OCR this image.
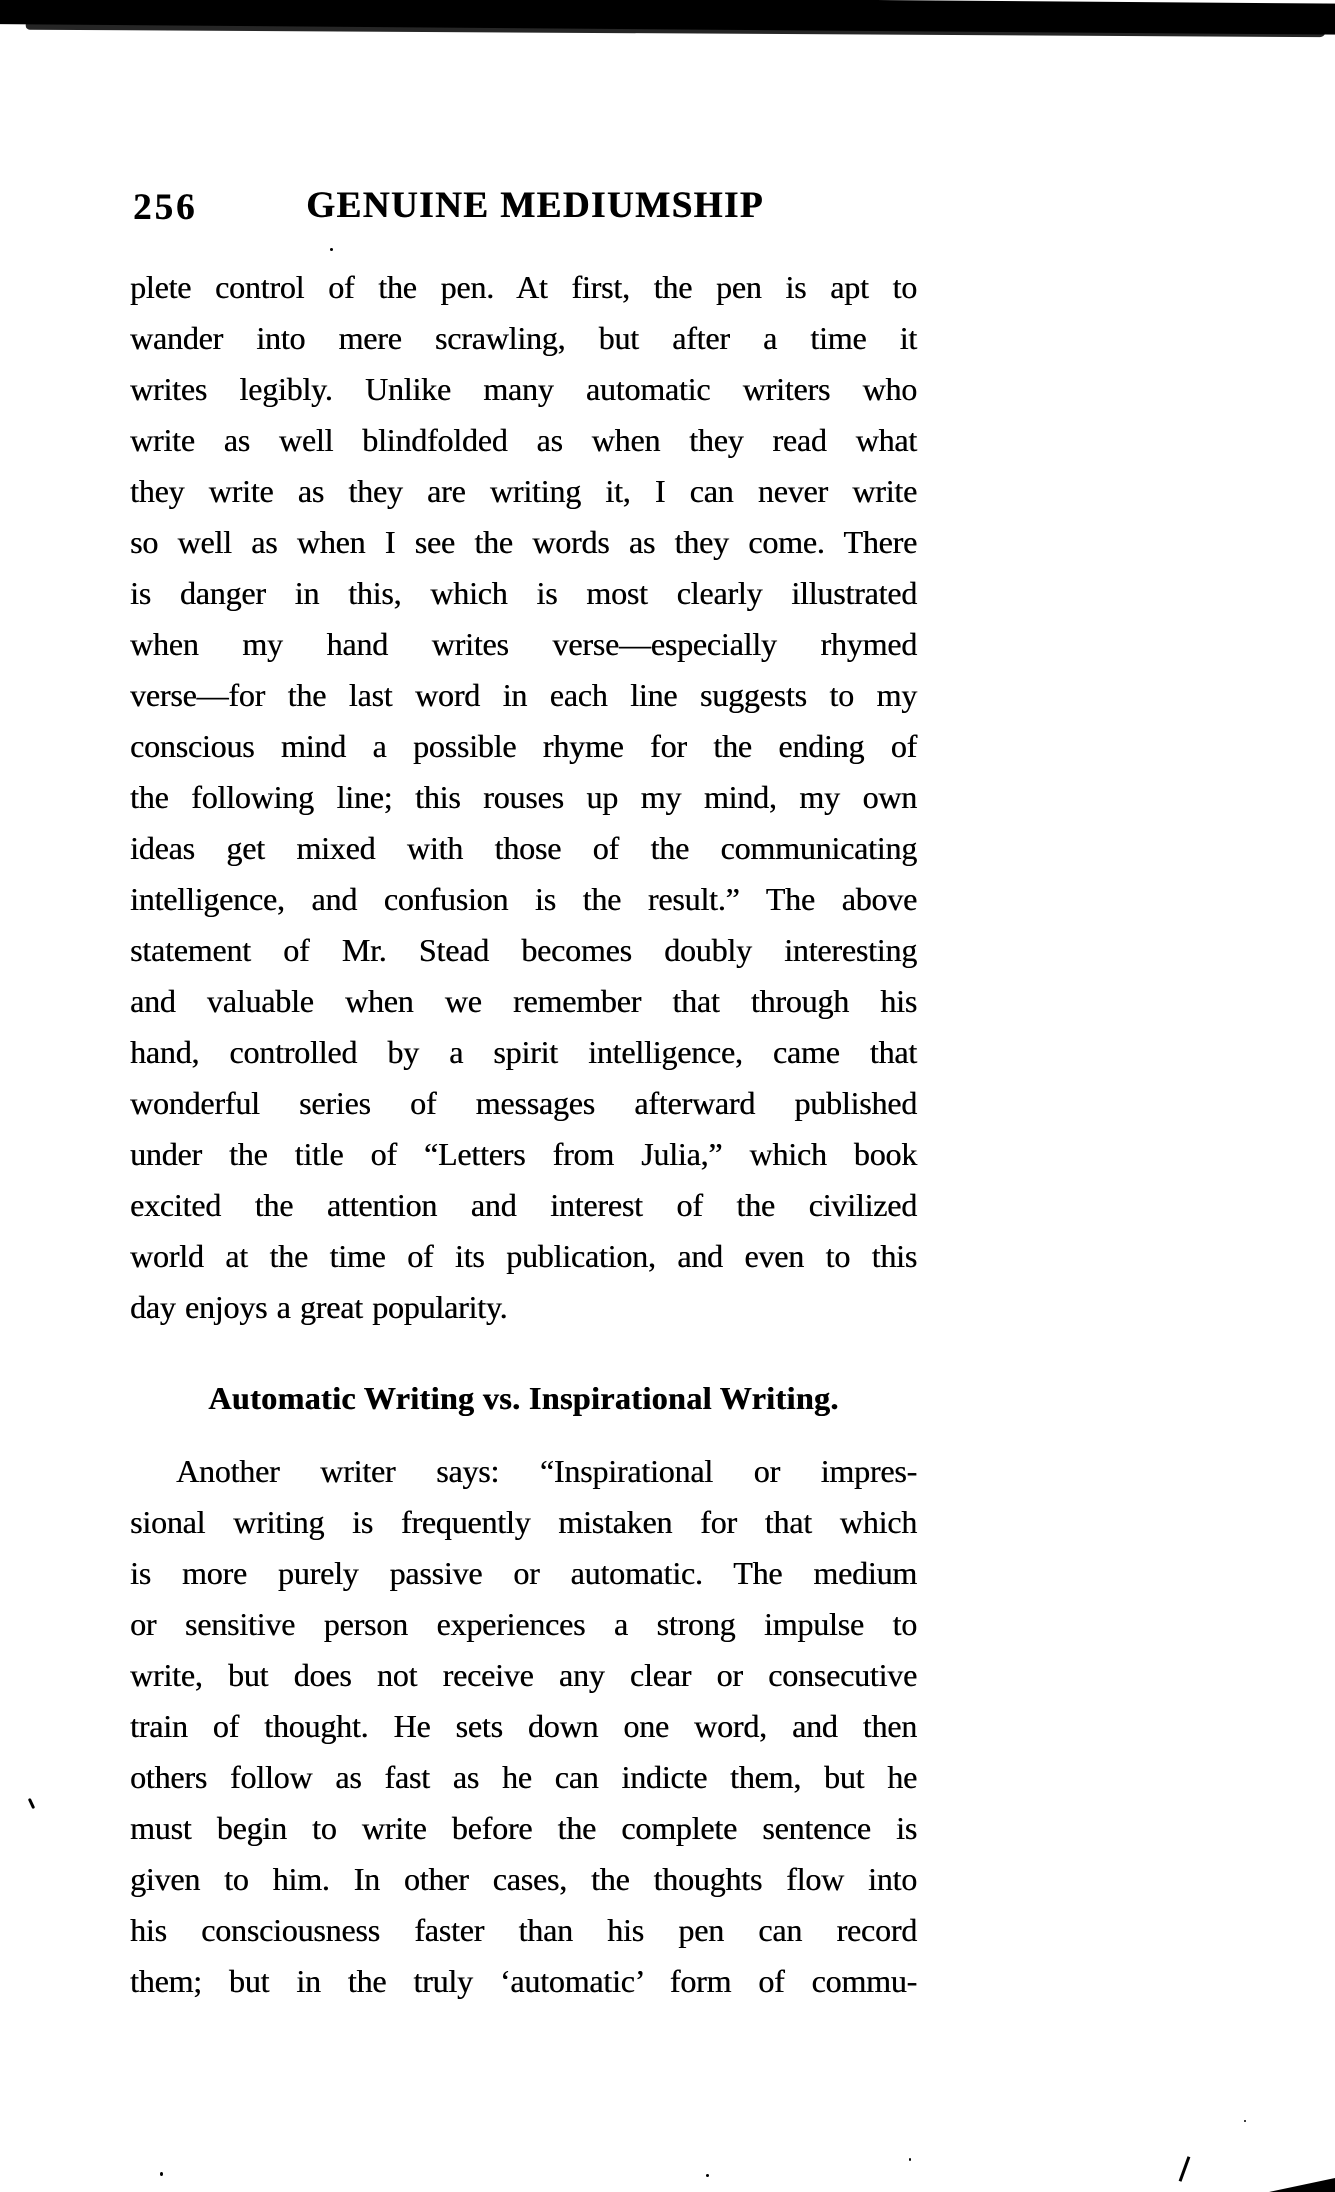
256	GENUINE MEDIUMSHIP
plete control of the pen. At first, the pen is apt to
wander into mere scrawling, but after a time it
writes legibly. Unlike many automatic writers who
write as well blindfolded as when they read what
they write as they are writing it, I can never write
so well as when I see the words as they come. There
is danger in this, which is most clearly illustrated
when my hand writes verse—especially rhymed
verse—for the last word in each line suggests to my
conscious mind a possible rhyme for the ending of
the following line; this rouses up my mind, my own
ideas get mixed with those of the communicating
intelligence, and confusion is the result.” The above
statement of Mr. Stead becomes doubly interesting
and valuable when we remember that through his
hand, controlled by a spirit intelligence, came that
wonderful series of messages afterward published
under the title of “Letters from Julia,” which book
excited the attention and interest of the civilized
world at the time of its publication, and even to this
day enjoys a great popularity.
Automatic Writing vs. Inspirational Writing.
Another writer says: “Inspirational or impres-
sional writing is frequently mistaken for that which
is more purely passive or automatic. The medium
or sensitive person experiences a strong impulse to
write, but does not receive any clear or consecutive
train of thought. He sets down one word, and then
others follow as fast as he can indicte them, but he
must begin to write before the complete sentence is
given to him. In other cases, the thoughts flow into
his consciousness faster than his pen can record
them; but in the truly ‘automatic’ form of commu-
